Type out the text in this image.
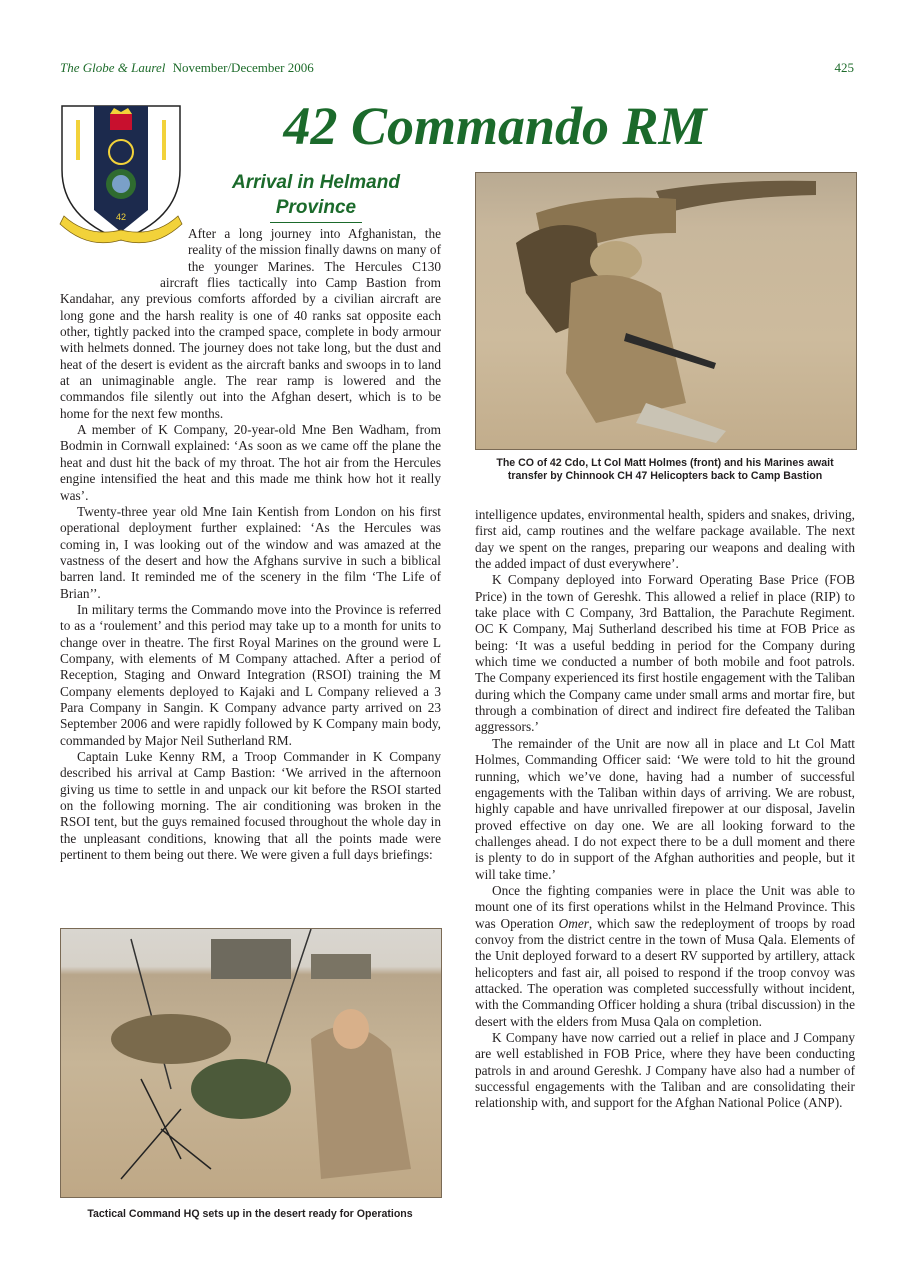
The Globe & Laurel November/December 2006	425
42 Commando RM
42
Arrival in Helmand
Province

After a long journey into Afghanistan, the reality of the mission finally dawns on many of the younger Marines. The Hercules C130 aircraft flies tactically into Camp Bastion from Kandahar, any previous comforts afforded by a civilian aircraft are long gone and the harsh reality is one of 40 ranks sat opposite each other, tightly packed into the cramped space, complete in body armour with helmets donned. The journey does not take long, but the dust and heat of the desert is evident as the aircraft banks and swoops in to land at an unimaginable angle. The rear ramp is lowered and the commandos file silently out into the Afghan desert, which is to be home for the next few months.

A member of K Company, 20-year-old Mne Ben Wadham, from Bodmin in Cornwall explained: ‘As soon as we came off the plane the heat and dust hit the back of my throat. The hot air from the Hercules engine intensified the heat and this made me think how hot it really was’.

Twenty-three year old Mne Iain Kentish from London on his first operational deployment further explained: ‘As the Hercules was coming in, I was looking out of the window and was amazed at the vastness of the desert and how the Afghans survive in such a biblical barren land. It reminded me of the scenery in the film ‘The Life of Brian’’.

In military terms the Commando move into the Province is referred to as a ‘roulement’ and this period may take up to a month for units to change over in theatre. The first Royal Marines on the ground were L Company, with elements of M Company attached. After a period of Reception, Staging and Onward Integration (RSOI) training the M Company elements deployed to Kajaki and L Company relieved a 3 Para Company in Sangin. K Company advance party arrived on 23 September 2006 and were rapidly followed by K Company main body, commanded by Major Neil Sutherland RM.

Captain Luke Kenny RM, a Troop Commander in K Company described his arrival at Camp Bastion: ‘We arrived in the afternoon giving us time to settle in and unpack our kit before the RSOI started on the following morning. The air conditioning was broken in the RSOI tent, but the guys remained focused throughout the whole day in the unpleasant conditions, knowing that all the points made were pertinent to them being out there. We were given a full days briefings:

The CO of 42 Cdo, Lt Col Matt Holmes (front) and his Marines await transfer by Chinnook CH 47 Helicopters back to Camp Bastion

intelligence updates, environmental health, spiders and snakes, driving, first aid, camp routines and the welfare package available. The next day we spent on the ranges, preparing our weapons and dealing with the added impact of dust everywhere’.

K Company deployed into Forward Operating Base Price (FOB Price) in the town of Gereshk. This allowed a relief in place (RIP) to take place with C Company, 3rd Battalion, the Parachute Regiment. OC K Company, Maj Sutherland described his time at FOB Price as being: ‘It was a useful bedding in period for the Company during which time we conducted a number of both mobile and foot patrols. The Company experienced its first hostile engagement with the Taliban during which the Company came under small arms and mortar fire, but through a combination of direct and indirect fire defeated the Taliban aggressors.’

The remainder of the Unit are now all in place and Lt Col Matt Holmes, Commanding Officer said: ‘We were told to hit the ground running, which we’ve done, having had a number of successful engagements with the Taliban within days of arriving. We are robust, highly capable and have unrivalled firepower at our disposal, Javelin proved effective on day one. We are all looking forward to the challenges ahead. I do not expect there to be a dull moment and there is plenty to do in support of the Afghan authorities and people, but it will take time.’

Once the fighting companies were in place the Unit was able to mount one of its first operations whilst in the Helmand Province. This was Operation Omer, which saw the redeployment of troops by road convoy from the district centre in the town of Musa Qala. Elements of the Unit deployed forward to a desert RV supported by artillery, attack helicopters and fast air, all poised to respond if the troop convoy was attacked. The operation was completed successfully without incident, with the Commanding Officer holding a shura (tribal discussion) in the desert with the elders from Musa Qala on completion.

K Company have now carried out a relief in place and J Company are well established in FOB Price, where they have been conducting patrols in and around Gereshk. J Company have also had a number of successful engagements with the Taliban and are consolidating their relationship with, and support for the Afghan National Police (ANP).

Tactical Command HQ sets up in the desert ready for Operations
